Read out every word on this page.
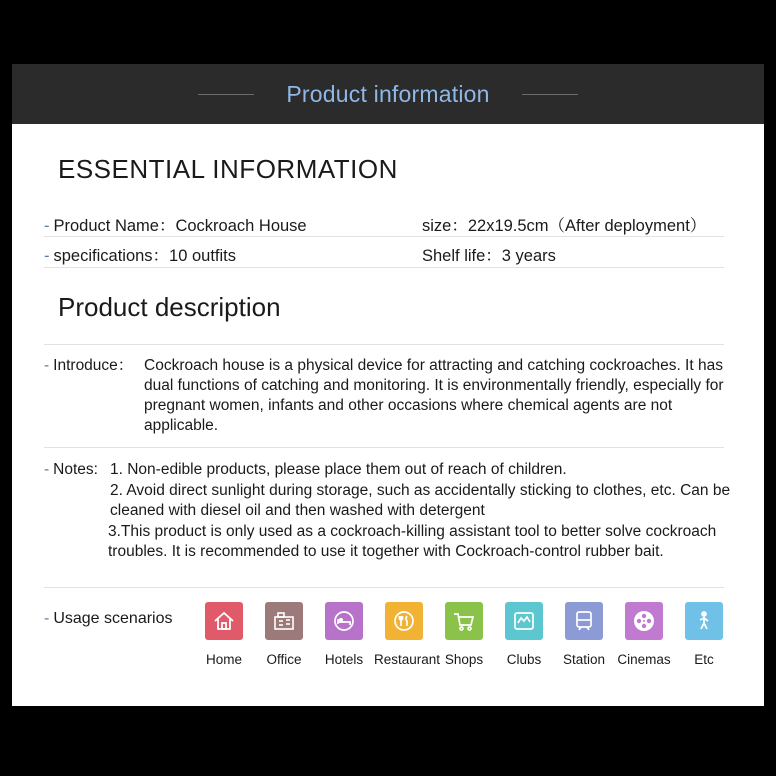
Product information
ESSENTIAL INFORMATION
- Product Name：Cockroach House	size：22x19.5cm（After deployment）
- specifications：10 outfits	Shelf life：3 years
Product description
- Introduce： Cockroach house is a physical device for attracting and catching cockroaches. It has dual functions of catching and monitoring. It is environmentally friendly, especially for pregnant women, infants and other occasions where chemical agents are not applicable.
- Notes: 1. Non-edible products, please place them out of reach of children.
2. Avoid direct sunlight during storage, such as accidentally sticking to clothes, etc. Can be cleaned with diesel oil and then washed with detergent
3.This product is only used as a cockroach-killing assistant tool to better solve cockroach troubles. It is recommended to use it together with Cockroach-control rubber bait.
- Usage scenarios
Home	Office	Hotels Restaurant Shops	Clubs	Station Cinemas	Etc
